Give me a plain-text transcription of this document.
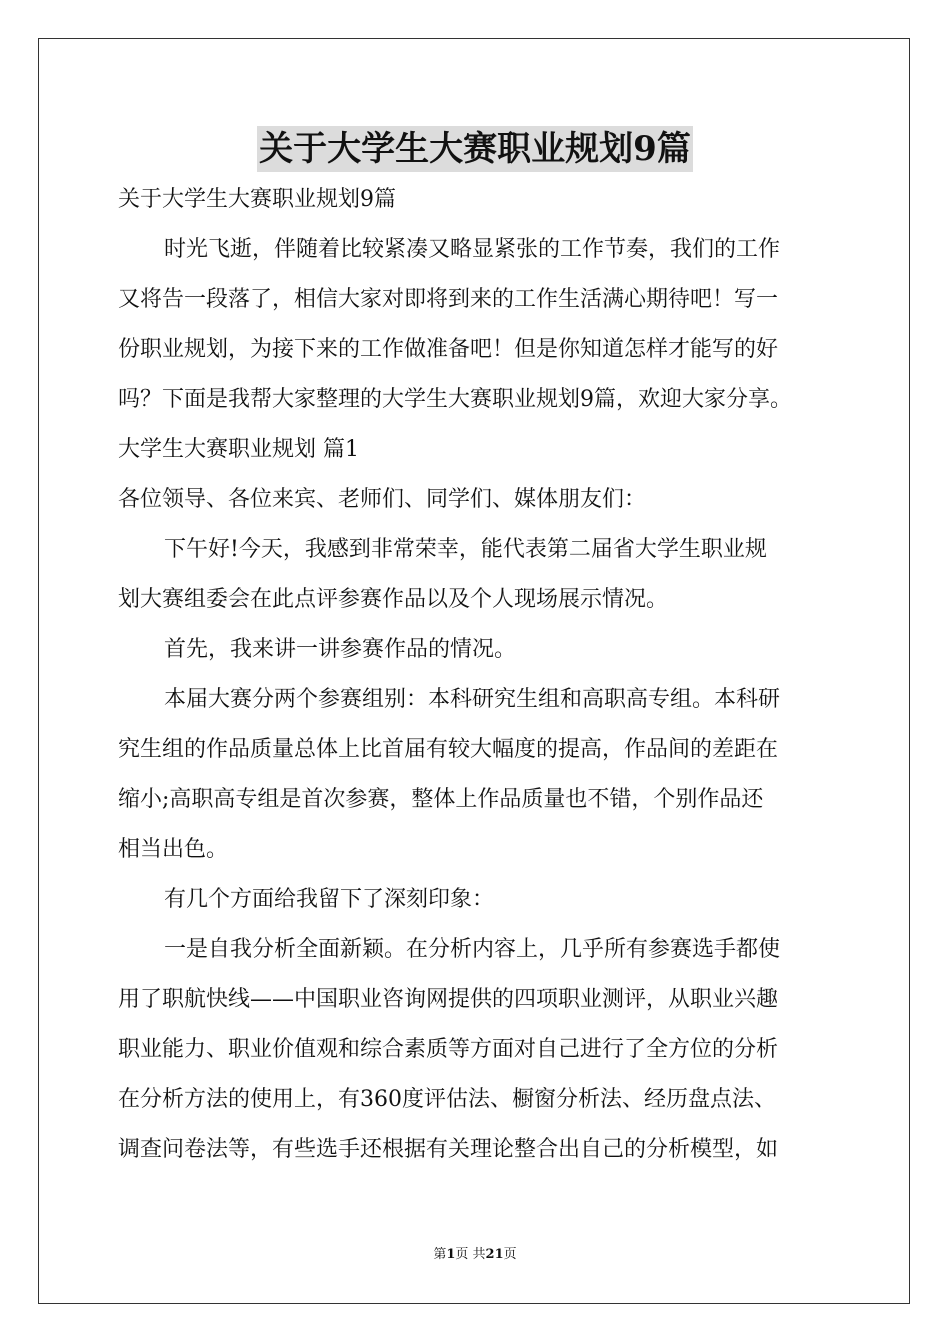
关于大学生大赛职业规划9篇
关于大学生大赛职业规划9篇
时光飞逝，伴随着比较紧凑又略显紧张的工作节奏，我们的工作
又将告一段落了，相信大家对即将到来的工作生活满心期待吧！写一
份职业规划，为接下来的工作做准备吧！但是你知道怎样才能写的好
吗？下面是我帮大家整理的大学生大赛职业规划9篇，欢迎大家分享。
大学生大赛职业规划 篇1
各位领导、各位来宾、老师们、同学们、媒体朋友们：
下午好!今天，我感到非常荣幸，能代表第二届省大学生职业规
划大赛组委会在此点评参赛作品以及个人现场展示情况。
首先，我来讲一讲参赛作品的情况。
本届大赛分两个参赛组别：本科研究生组和高职高专组。本科研
究生组的作品质量总体上比首届有较大幅度的提高，作品间的差距在
缩小;高职高专组是首次参赛，整体上作品质量也不错，个别作品还
相当出色。
有几个方面给我留下了深刻印象：
一是自我分析全面新颖。在分析内容上，几乎所有参赛选手都使
用了职航快线——中国职业咨询网提供的四项职业测评，从职业兴趣
职业能力、职业价值观和综合素质等方面对自己进行了全方位的分析
在分析方法的使用上，有360度评估法、橱窗分析法、经历盘点法、
调查问卷法等，有些选手还根据有关理论整合出自己的分析模型，如
第1页 共21页
